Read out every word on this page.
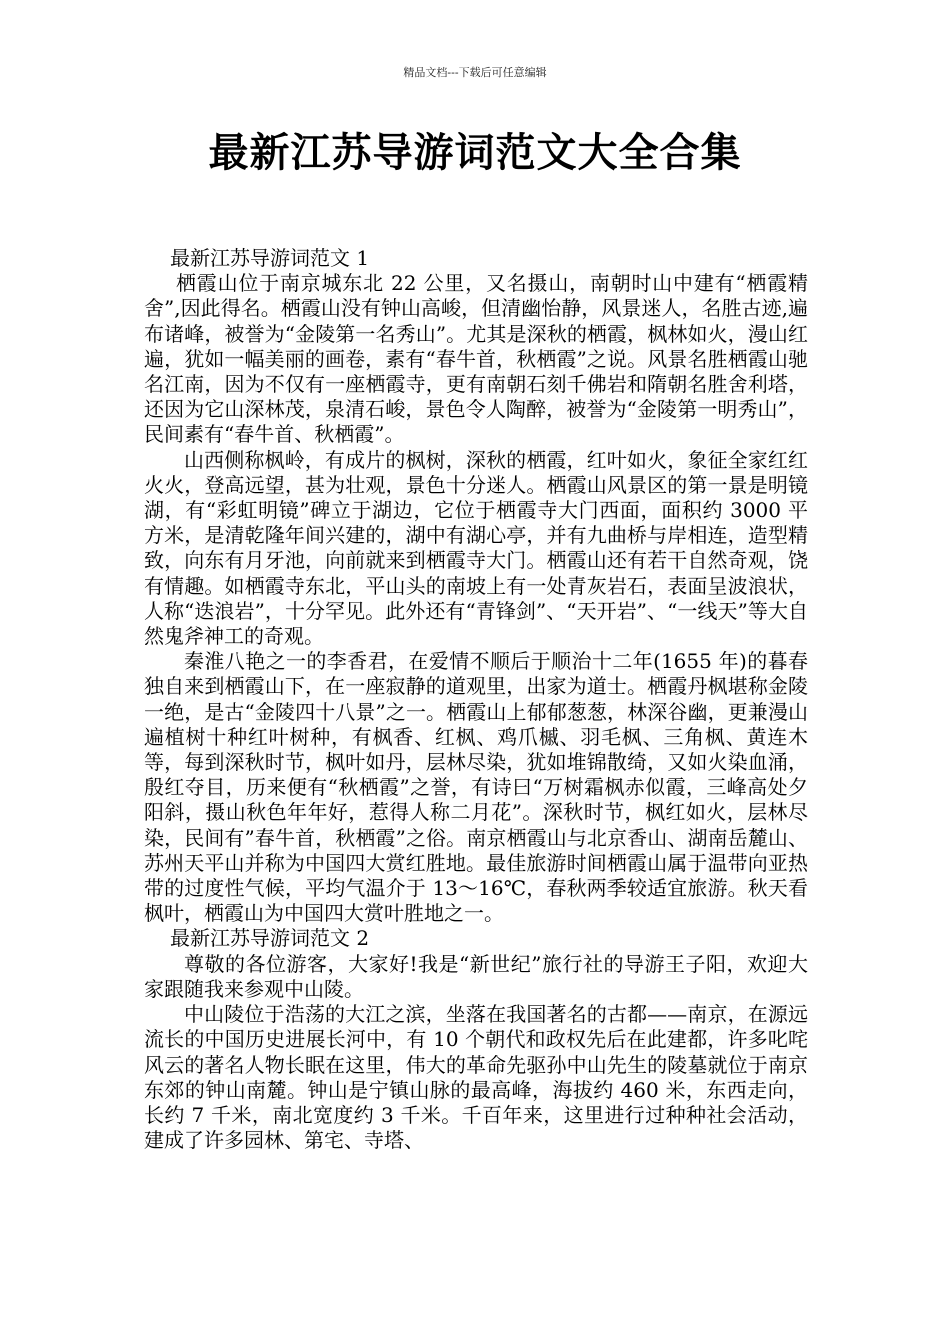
精品文档---下载后可任意编辑
最新江苏导游词范文大全合集

最新江苏导游词范文 1

栖霞山位于南京城东北 22 公里，又名摄山，南朝时山中建有“栖霞精舍”,因此得名。栖霞山没有钟山高峻，但清幽怡静，风景迷人，名胜古迹,遍布诸峰，被誉为“金陵第一名秀山”。尤其是深秋的栖霞，枫林如火，漫山红遍，犹如一幅美丽的画卷，素有“春牛首，秋栖霞”之说。风景名胜栖霞山驰名江南，因为不仅有一座栖霞寺，更有南朝石刻千佛岩和隋朝名胜舍利塔，还因为它山深林茂，泉清石峻，景色令人陶醉，被誉为“金陵第一明秀山”，民间素有“春牛首、秋栖霞”。

山西侧称枫岭，有成片的枫树，深秋的栖霞，红叶如火，象征全家红红火火，登高远望，甚为壮观，景色十分迷人。栖霞山风景区的第一景是明镜湖，有“彩虹明镜”碑立于湖边，它位于栖霞寺大门西面，面积约 3000 平方米，是清乾隆年间兴建的，湖中有湖心亭，并有九曲桥与岸相连，造型精致，向东有月牙池，向前就来到栖霞寺大门。栖霞山还有若干自然奇观，饶有情趣。如栖霞寺东北，平山头的南坡上有一处青灰岩石，表面呈波浪状，人称“迭浪岩”，十分罕见。此外还有“青锋剑”、“天开岩”、“一线天”等大自然鬼斧神工的奇观。

秦淮八艳之一的李香君，在爱情不顺后于顺治十二年(1655 年)的暮春独自来到栖霞山下，在一座寂静的道观里，出家为道士。栖霞丹枫堪称金陵一绝，是古“金陵四十八景”之一。栖霞山上郁郁葱葱，林深谷幽，更兼漫山遍植树十种红叶树种，有枫香、红枫、鸡爪槭、羽毛枫、三角枫、黄连木等，每到深秋时节，枫叶如丹，层林尽染，犹如堆锦散绮，又如火染血涌，殷红夺目，历来便有“秋栖霞”之誉，有诗曰“万树霜枫赤似霞，三峰高处夕阳斜，摄山秋色年年好，惹得人称二月花”。深秋时节，枫红如火，层林尽染，民间有”春牛首，秋栖霞”之俗。南京栖霞山与北京香山、湖南岳麓山、苏州天平山并称为中国四大赏红胜地。最佳旅游时间栖霞山属于温带向亚热带的过度性气候，平均气温介于 13～16℃，春秋两季较适宜旅游。秋天看枫叶，栖霞山为中国四大赏叶胜地之一。

最新江苏导游词范文 2

尊敬的各位游客，大家好!我是“新世纪”旅行社的导游王子阳，欢迎大家跟随我来参观中山陵。

中山陵位于浩荡的大江之滨，坐落在我国著名的古都——南京，在源远流长的中国历史进展长河中，有 10 个朝代和政权先后在此建都，许多叱咤风云的著名人物长眠在这里，伟大的革命先驱孙中山先生的陵墓就位于南京东郊的钟山南麓。钟山是宁镇山脉的最高峰，海拔约 460 米，东西走向，长约 7 千米，南北宽度约 3 千米。千百年来，这里进行过种种社会活动，建成了许多园林、第宅、寺塔、
